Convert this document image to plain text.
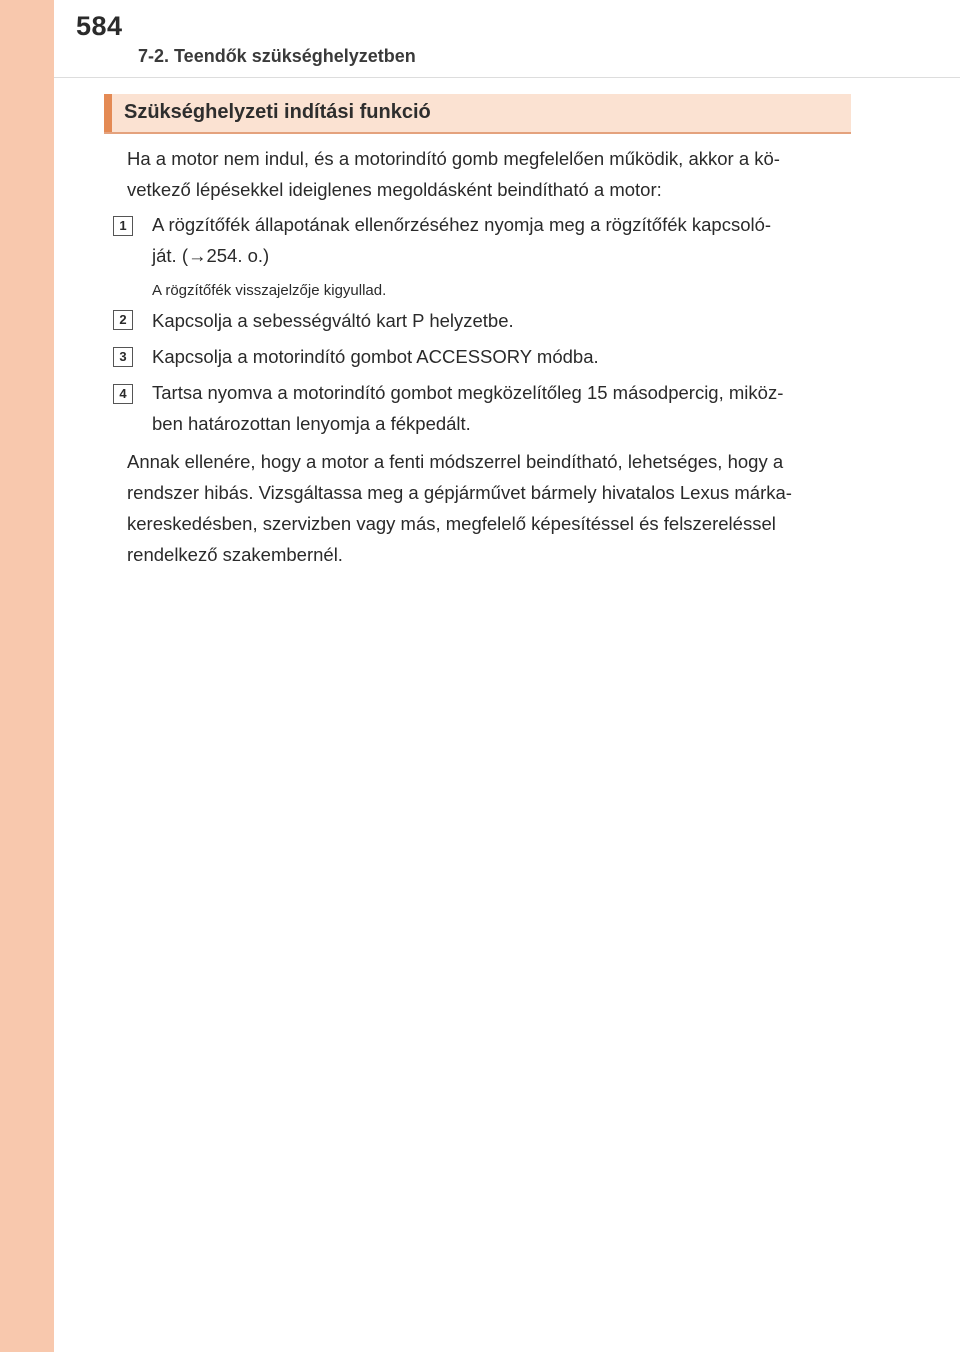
584
7-2. Teendők szükséghelyzetben
Szükséghelyzeti indítási funkció
Ha a motor nem indul, és a motorindító gomb megfelelően működik, akkor a kö-
vetkező lépésekkel ideiglenes megoldásként beindítható a motor:
1	A rögzítőfék állapotának ellenőrzéséhez nyomja meg a rögzítőfék kapcsoló-
ját. (→254. o.)
A rögzítőfék visszajelzője kigyullad.
2	Kapcsolja a sebességváltó kart P helyzetbe.
3	Kapcsolja a motorindító gombot ACCESSORY módba.
4	Tartsa nyomva a motorindító gombot megközelítőleg 15 másodpercig, miköz-
ben határozottan lenyomja a fékpedált.
Annak ellenére, hogy a motor a fenti módszerrel beindítható, lehetséges, hogy a
rendszer hibás. Vizsgáltassa meg a gépjárművet bármely hivatalos Lexus márka-
kereskedésben, szervizben vagy más, megfelelő képesítéssel és felszereléssel
rendelkező szakembernél.
